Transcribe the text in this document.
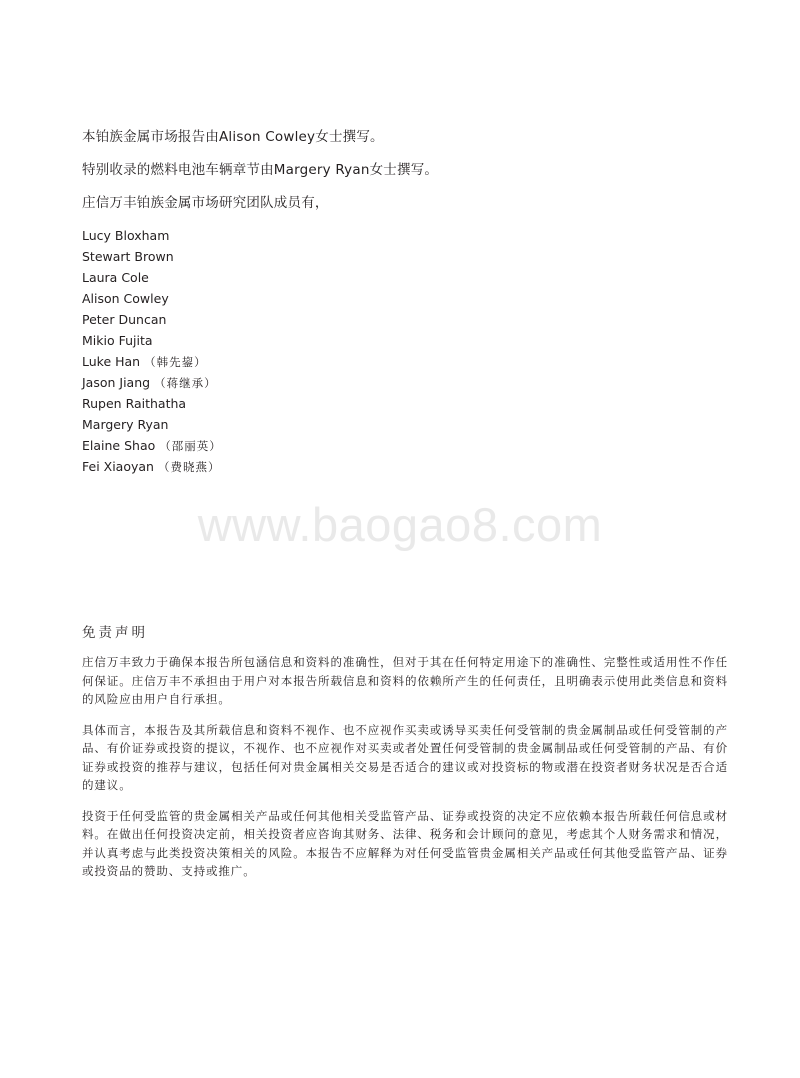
本铂族金属市场报告由Alison Cowley女士撰写。

特别收录的燃料电池车辆章节由Margery Ryan女士撰写。

庄信万丰铂族金属市场研究团队成员有，

Lucy Bloxham
Stewart Brown
Laura Cole
Alison Cowley
Peter Duncan
Mikio Fujita
Luke Han （韩先鋆）
Jason Jiang （蒋继承）
Rupen Raithatha
Margery Ryan
Elaine Shao （邵丽英）
Fei Xiaoyan （费晓燕）
www.baogao8.com
免责声明

庄信万丰致力于确保本报告所包涵信息和资料的准确性，但对于其在任何特定用途下的准确性、完整性或适用性不作任何保证。庄信万丰不承担由于用户对本报告所载信息和资料的依赖所产生的任何责任，且明确表示使用此类信息和资料的风险应由用户自行承担。

具体而言，本报告及其所载信息和资料不视作、也不应视作买卖或诱导买卖任何受管制的贵金属制品或任何受管制的产品、有价证券或投资的提议，不视作、也不应视作对买卖或者处置任何受管制的贵金属制品或任何受管制的产品、有价证券或投资的推荐与建议，包括任何对贵金属相关交易是否适合的建议或对投资标的物或潜在投资者财务状况是否合适的建议。

投资于任何受监管的贵金属相关产品或任何其他相关受监管产品、证券或投资的决定不应依赖本报告所载任何信息或材料。在做出任何投资决定前，相关投资者应咨询其财务、法律、税务和会计顾问的意见，考虑其个人财务需求和情况，并认真考虑与此类投资决策相关的风险。本报告不应解释为对任何受监管贵金属相关产品或任何其他受监管产品、证券或投资品的赞助、支持或推广。
